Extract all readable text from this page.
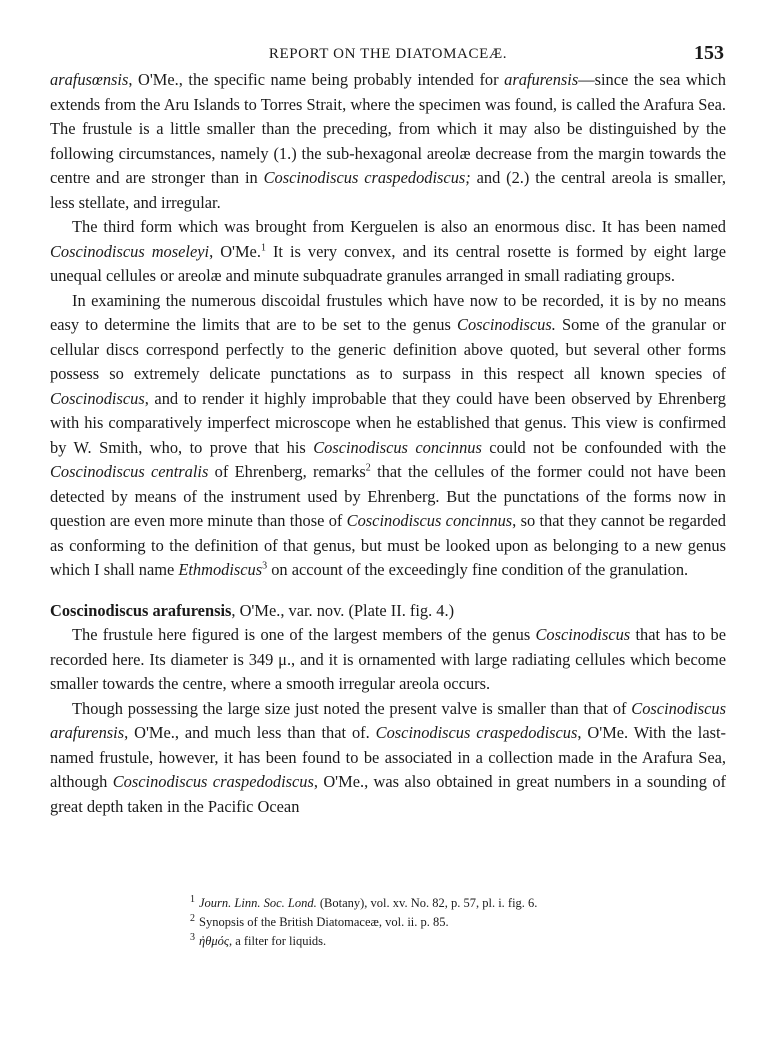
REPORT ON THE DIATOMACEÆ.	153

arafusœnsis, O'Me., the specific name being probably intended for arafurensis—since the sea which extends from the Aru Islands to Torres Strait, where the specimen was found, is called the Arafura Sea. The frustule is a little smaller than the preceding, from which it may also be distinguished by the following circumstances, namely (1.) the sub-hexagonal areolæ decrease from the margin towards the centre and are stronger than in Coscinodiscus craspedodiscus; and (2.) the central areola is smaller, less stellate, and irregular.

The third form which was brought from Kerguelen is also an enormous disc. It has been named Coscinodiscus moseleyi, O'Me.$^1$ It is very convex, and its central rosette is formed by eight large unequal cellules or areolæ and minute subquadrate granules arranged in small radiating groups.

In examining the numerous discoidal frustules which have now to be recorded, it is by no means easy to determine the limits that are to be set to the genus Coscinodiscus. Some of the granular or cellular discs correspond perfectly to the generic definition above quoted, but several other forms possess so extremely delicate punctations as to surpass in this respect all known species of Coscinodiscus, and to render it highly improbable that they could have been observed by Ehrenberg with his comparatively imperfect microscope when he established that genus. This view is confirmed by W. Smith, who, to prove that his Coscinodiscus concinnus could not be confounded with the Coscinodiscus centralis of Ehrenberg, remarks$^2$ that the cellules of the former could not have been detected by means of the instrument used by Ehrenberg. But the punctations of the forms now in question are even more minute than those of Coscinodiscus concinnus, so that they cannot be regarded as conforming to the definition of that genus, but must be looked upon as belonging to a new genus which I shall name Ethmodiscus$^3$ on account of the exceedingly fine condition of the granulation.

Coscinodiscus arafurensis, O'Me., var. nov. (Plate II. fig. 4.)

The frustule here figured is one of the largest members of the genus Coscinodiscus that has to be recorded here. Its diameter is 349 μ., and it is ornamented with large radiating cellules which become smaller towards the centre, where a smooth irregular areola occurs.

Though possessing the large size just noted the present valve is smaller than that of Coscinodiscus arafurensis, O'Me., and much less than that of. Coscinodiscus craspedodiscus, O'Me. With the last-named frustule, however, it has been found to be associated in a collection made in the Arafura Sea, although Coscinodiscus craspedodiscus, O'Me., was also obtained in great numbers in a sounding of great depth taken in the Pacific Ocean

$^1$ Journ. Linn. Soc. Lond. (Botany), vol. xv. No. 82, p. 57, pl. i. fig. 6.
$^2$ Synopsis of the British Diatomaceæ, vol. ii. p. 85.
$^3$ ἠθμός, a filter for liquids.
